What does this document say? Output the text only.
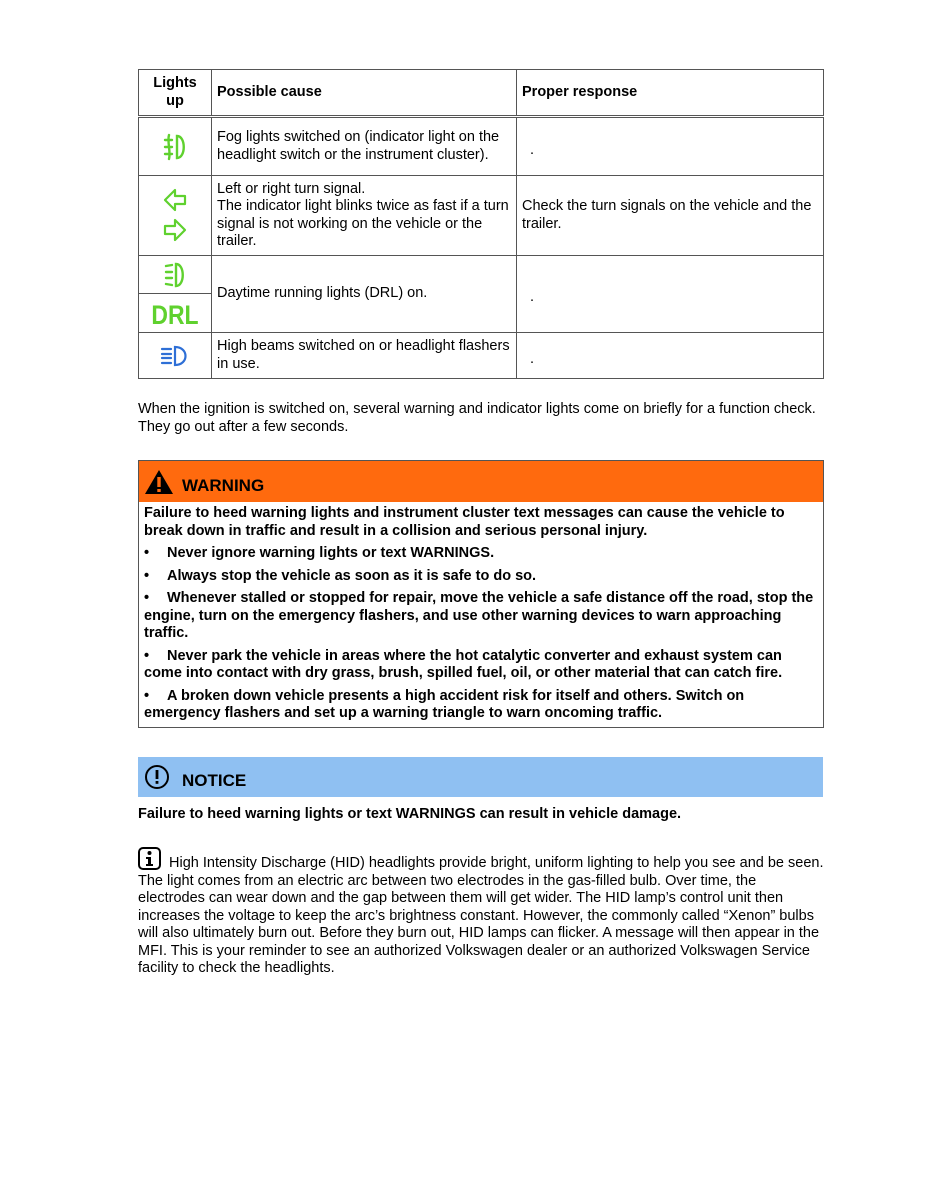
Lights up	Possible cause	Proper response

	Fog lights switched on (indicator light on the headlight switch or the instrument cluster).	.

Left or right turn signal.
The indicator light blinks twice as fast if a turn signal is not working on the vehicle or the trailer.	Check the turn signals on the vehicle and the trailer.

	Daytime running lights (DRL) on.	.

DRL		

	High beams switched on or headlight flashers in use.	.

When the ignition is switched on, several warning and indicator lights come on briefly for a function check. They go out after a few seconds.

WARNING

Failure to heed warning lights and instrument cluster text messages can cause the vehicle to break down in traffic and result in a collision and serious personal injury.

• Never ignore warning lights or text WARNINGS.
• Always stop the vehicle as soon as it is safe to do so.
• Whenever stalled or stopped for repair, move the vehicle a safe distance off the road, stop the engine, turn on the emergency flashers, and use other warning devices to warn approaching traffic.
• Never park the vehicle in areas where the hot catalytic converter and exhaust system can come into contact with dry grass, brush, spilled fuel, oil, or other material that can catch fire.
• A broken down vehicle presents a high accident risk for itself and others. Switch on emergency flashers and set up a warning triangle to warn oncoming traffic.
NOTICE

Failure to heed warning lights or text WARNINGS can result in vehicle damage.

High Intensity Discharge (HID) headlights provide bright, uniform lighting to help you see and be seen. The light comes from an electric arc between two electrodes in the gas-filled bulb. Over time, the electrodes can wear down and the gap between them will get wider. The HID lamp’s control unit then increases the voltage to keep the arc’s brightness constant. However, the commonly called “Xenon” bulbs will also ultimately burn out. Before they burn out, HID lamps can flicker. A message will then appear in the MFI. This is your reminder to see an authorized Volkswagen dealer or an authorized Volkswagen Service facility to check the headlights.
